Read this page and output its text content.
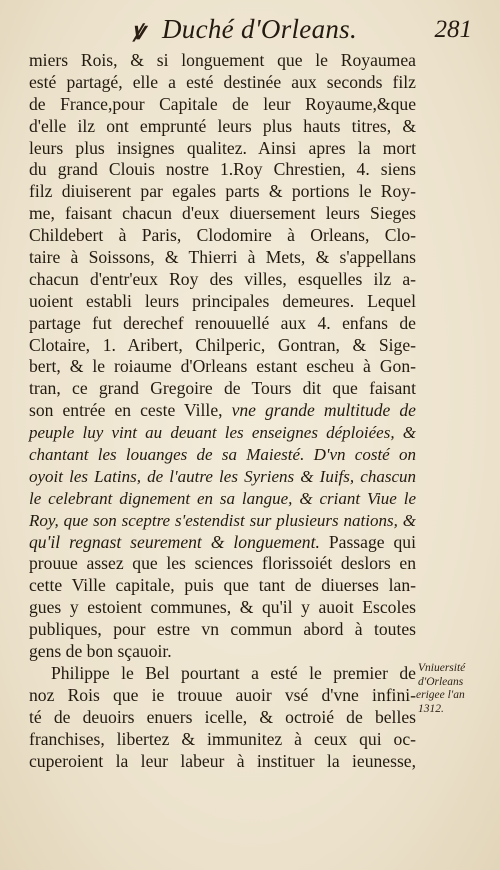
ꝟ Duché d'Orleans.	281
miers Rois, & si longuement que le Royaumea
esté partagé, elle a esté destinée aux seconds filz
de France,pour Capitale de leur Royaume,&que
d'elle ilz ont emprunté leurs plus hauts titres, &
leurs plus insignes qualitez. Ainsi apres la mort
du grand Clouis nostre 1.Roy Chrestien, 4. siens
filz diuiserent par egales parts & portions le Roy-
me, faisant chacun d'eux diuersement leurs Sieges
Childebert à Paris, Clodomire à Orleans, Clo-
taire à Soissons, & Thierri à Mets, & s'appellans
chacun d'entr'eux Roy des villes, esquelles ilz a-
uoient establi leurs principales demeures. Lequel
partage fut derechef renouuellé aux 4. enfans de
Clotaire, 1. Aribert, Chilperic, Gontran, & Sige-
bert, & le roiaume d'Orleans estant escheu à Gon-
tran, ce grand Gregoire de Tours dit que faisant
son entrée en ceste Ville, vne grande multitude de
peuple luy vint au deuant les enseignes déploiées, &
chantant les louanges de sa Maiesté. D'vn costé on
oyoit les Latins, de l'autre les Syriens & Iuifs, chascun
le celebrant dignement en sa langue, & criant Viue le
Roy, que son sceptre s'estendist sur plusieurs nations, &
qu'il regnast seurement & longuement. Passage qui
prouue assez que les sciences florissoiét deslors en
cette Ville capitale, puis que tant de diuerses lan-
gues y estoient communes, & qu'il y auoit Escoles
publiques, pour estre vn commun abord à toutes
gens de bon sçauoir.
Philippe le Bel pourtant a esté le premier de
noz Rois que ie trouue auoir vsé d'vne infini-
té de deuoirs enuers icelle, & octroié de belles
franchises, libertez & immunitez à ceux qui oc-
cuperoient la leur labeur à instituer la ieunesse,
Vniuersité
d'Orleans
erigee l'an
1312.
